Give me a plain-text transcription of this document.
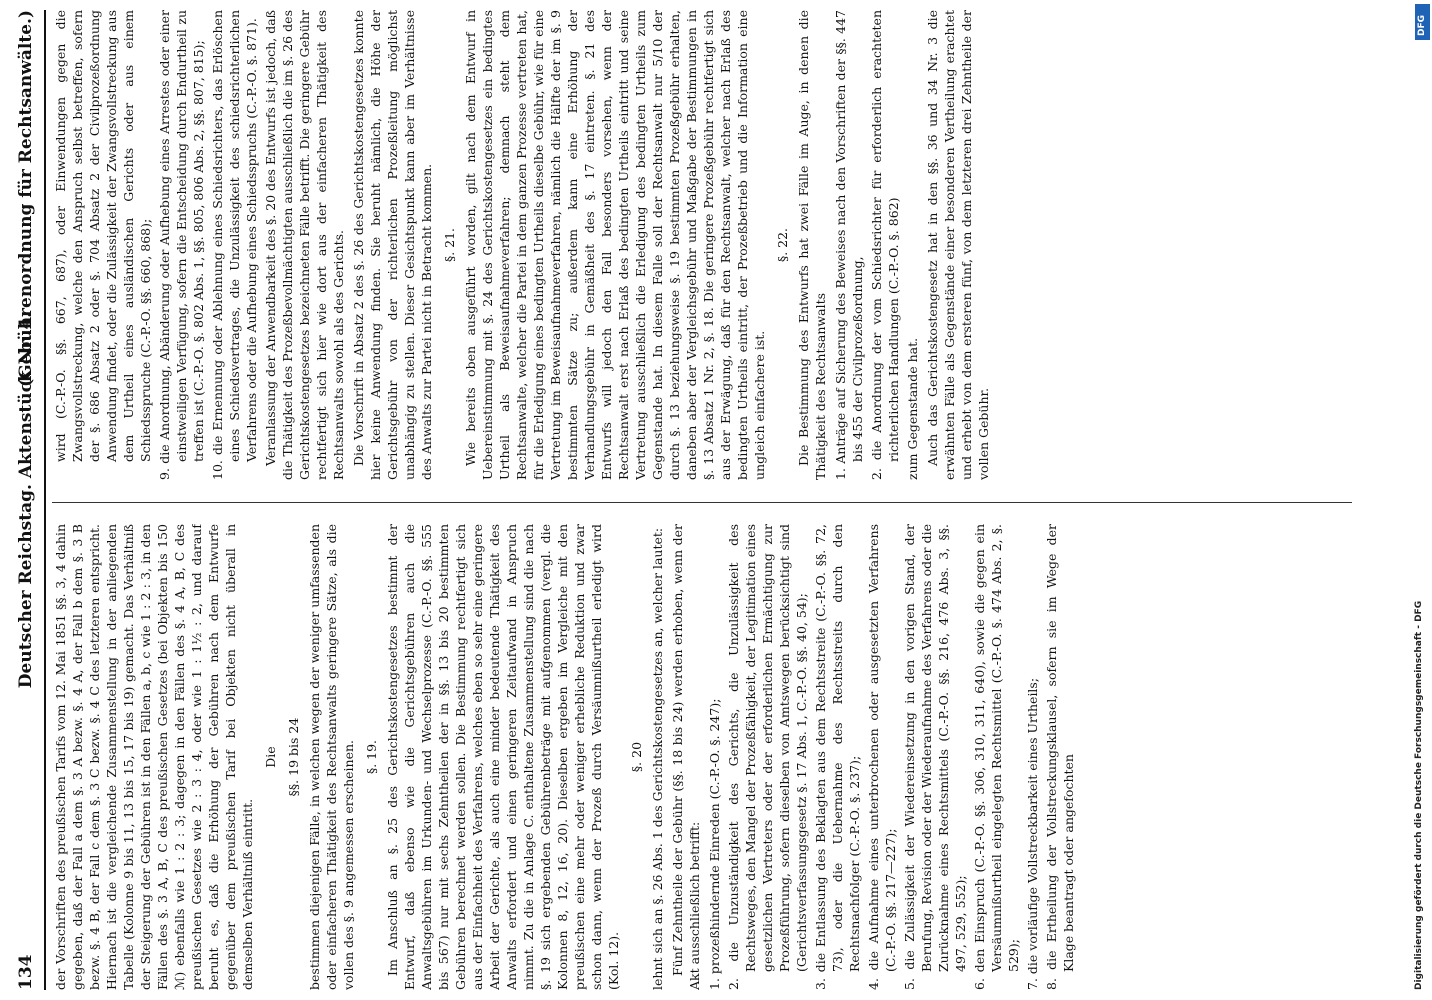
134
Deutscher Reichstag. Aktenstück Nr. 4.
(Gebührenordnung für Rechtsanwälte.)

der Vorschriften des preußischen Tarifs vom 12. Mai 1851 §§. 3, 4 dahin gegeben, daß der Fall a dem §. 3 A bezw. §. 4 A, der Fall b dem §. 3 B bezw. §. 4 B, der Fall c dem §. 3 C bezw. §. 4 C des letzteren entspricht. Hiernach ist die vergleichende Zusammenstellung in der anliegenden Tabelle (Kolonne 9 bis 11, 13 bis 15, 17 bis 19) gemacht. Das Verhältniß der Steigerung der Gebühren ist in den Fällen a, b, c wie 1 : 2 : 3, in den Fällen des §. 3 A, B, C des preußischen Gesetzes (bei Objekten bis 150 ℳ) ebenfalls wie 1 : 2 : 3; dagegen in den Fällen des §. 4 A, B, C des preußischen Gesetzes wie 2 : 3 : 4, oder wie 1 : 1½ : 2, und darauf beruht es, daß die Erhöhung der Gebühren nach dem Entwurfe gegenüber dem preußischen Tarif bei Objekten nicht überall in demselben Verhältniß eintritt.

Die §§. 19 bis 24 bestimmen diejenigen Fälle, in welchen wegen der weniger umfassenden oder einfacheren Thätigkeit des Rechtsanwalts geringere Sätze, als die vollen des §. 9 angemessen erscheinen. §. 19. Im Anschluß an §. 25 des Gerichtskostengesetzes bestimmt der Entwurf, daß ebenso wie die Gerichtsgebühren auch die Anwaltsgebühren im Urkunden- und Wechselprozesse (C.-P.-O. §§. 555 bis 567) nur mit sechs Zehntheilen der in §§. 13 bis 20 bestimmten Gebühren berechnet werden sollen. Die Bestimmung rechtfertigt sich aus der Einfachheit des Verfahrens, welches eben so sehr eine geringere Arbeit der Gerichte, als auch eine minder bedeutende Thätigkeit des Anwalts erfordert und einen geringeren Zeitaufwand in Anspruch nimmt. Zu die in Anlage C. enthaltene Zusammenstellung sind die nach §. 19 sich ergebenden Gebührenbeträge mit aufgenommen (vergl. die Kolonnen 8, 12, 16, 20). Dieselben ergeben im Vergleiche mit den preußischen eine mehr oder weniger erhebliche Reduktion und zwar schon dann, wenn der Prozeß durch Versäumnißurtheil erledigt wird (Kol. 12).

§. 20 lehnt sich an §. 26 Abs. 1 des Gerichtskostengesetzes an, welcher lautet: Fünf Zehntheile der Gebühr (§§. 18 bis 24) werden erhoben, wenn der Akt ausschließlich betrifft: 1. prozeßhindernde Einreden (C.-P.-O. §. 247); 2. die Unzuständigkeit des Gerichts, die Unzulässigkeit des Rechtsweges, den Mangel der Prozeßfähigkeit, der Legitimation eines gesetzlichen Vertreters oder der erforderlichen Ermächtigung zur Prozeßführung, sofern dieselben von Amtswegen berücksichtigt sind (Gerichtsverfassungsgesetz §. 17 Abs. 1, C.-P.-O. §§. 40, 54); 3. die Entlassung des Beklagten aus dem Rechtsstreite (C.-P.-O. §§. 72, 73), oder die Uebernahme des Rechtsstreits durch den Rechtsnachfolger (C.-P.-O. §. 237); 4. die Aufnahme eines unterbrochenen oder ausgesetzten Verfahrens (C.-P.-O. §§. 217—227); 5. die Zulässigkeit der Wiedereinsetzung in den vorigen Stand, der Berufung, Revision oder der Wiederaufnahme des Verfahrens oder die Zurücknahme eines Rechtsmittels (C.-P.-O. §§. 216, 476 Abs. 3, §§. 497, 529, 552); 6. den Einspruch (C.-P.-O. §§. 306, 310, 311, 640), sowie die gegen ein Versäumnißurtheil eingelegten Rechtsmittel (C.-P.-O. §. 474 Abs. 2, §. 529); 7. die vorläufige Vollstreckbarkeit eines Urtheils; 8. die Ertheilung der Vollstreckungsklausel, sofern sie im Wege der Klage beantragt oder angefochten

wird (C.-P.-O. §§. 667, 687), oder Einwendungen gegen die Zwangsvollstreckung, welche den Anspruch selbst betreffen, sofern der §. 686 Absatz 2 oder §. 704 Absatz 2 der Civilprozeßordnung Anwendung findet, oder die Zulässigkeit der Zwangsvollstreckung aus dem Urtheil eines ausländischen Gerichts oder aus einem Schiedsspruche (C.-P.-O. §§. 660, 868); 9. die Anordnung, Abänderung oder Aufhebung eines Arrestes oder einer einstweiligen Verfügung, sofern die Entscheidung durch Endurtheil zu treffen ist (C.-P.-O. §. 802 Abs. 1, §§. 805, 806 Abs. 2, §§. 807, 815); 10. die Ernennung oder Ablehnung eines Schiedsrichters, das Erlöschen eines Schiedsvertrages, die Unzulässigkeit des schiedsrichterlichen Verfahrens oder die Aufhebung eines Schiedsspruchs (C.-P.-O. §. 871). Veranlassung der Anwendbarkeit des §. 20 des Entwurfs ist jedoch, daß die Thätigkeit des Prozeßbevollmächtigten ausschließlich die im §. 26 des Gerichtskostengesetzes bezeichneten Fälle betrifft. Die geringere Gebühr rechtfertigt sich hier wie dort aus der einfacheren Thätigkeit des Rechtsanwalts sowohl als des Gerichts. Die Vorschrift in Absatz 2 des §. 26 des Gerichtskostengesetzes konnte hier keine Anwendung finden. Sie beruht nämlich, die Höhe der Gerichtsgebühr von der richterlichen Prozeßleitung möglichst unabhängig zu stellen. Dieser Gesichtspunkt kann aber im Verhältnisse des Anwalts zur Partei nicht in Betracht kommen. §. 21. Wie bereits oben ausgeführt worden, gilt nach dem Entwurf in Uebereinstimmung mit §. 24 des Gerichtskostengesetzes ein bedingtes Urtheil als Beweisaufnahmeverfahren; demnach steht dem Rechtsanwalte, welcher die Partei in dem ganzen Prozesse vertreten hat, für die Erledigung eines bedingten Urtheils dieselbe Gebühr, wie für eine Vertretung im Beweisaufnahmeverfahren, nämlich die Hälfte der im §. 9 bestimmten Sätze zu; außerdem kann eine Erhöhung der Verhandlungsgebühr in Gemäßheit des §. 17 eintreten. §. 21 des Entwurfs will jedoch den Fall besonders vorsehen, wenn der Rechtsanwalt erst nach Erlaß des bedingten Urtheils eintritt und seine Vertretung ausschließlich die Erledigung des bedingten Urtheils zum Gegenstande hat. In diesem Falle soll der Rechtsanwalt nur 5/10 der durch §. 13 beziehungsweise §. 19 bestimmten Prozeßgebühr erhalten, daneben aber der Vergleichsgebühr und Maßgabe der Bestimmungen in §. 13 Absatz 1 Nr. 2, §. 18. Die geringere Prozeßgebühr rechtfertigt sich aus der Erwägung, daß für den Rechtsanwalt, welcher nach Erlaß des bedingten Urtheils eintritt, der Prozeßbetrieb und die Information eine ungleich einfachere ist.

§. 22. Die Bestimmung des Entwurfs hat zwei Fälle im Auge, in denen die Thätigkeit des Rechtsanwalts 1. Anträge auf Sicherung des Beweises nach den Vorschriften der §§. 447 bis 455 der Civilprozeßordnung, 2. die Anordnung der vom Schiedsrichter für erforderlich erachteten richterlichen Handlungen (C.-P.-O. §. 862) zum Gegenstande hat. Auch das Gerichtskostengesetz hat in den §§. 36 und 34 Nr. 3 die erwähnten Fälle als Gegenstände einer besonderen Vertheilung erachtet und erhebt von dem ersteren fünf, von dem letzteren drei Zehntheile der vollen Gebühr.

DFG
Digitalisierung gefördert durch die Deutsche Forschungsgemeinschaft - DFG
